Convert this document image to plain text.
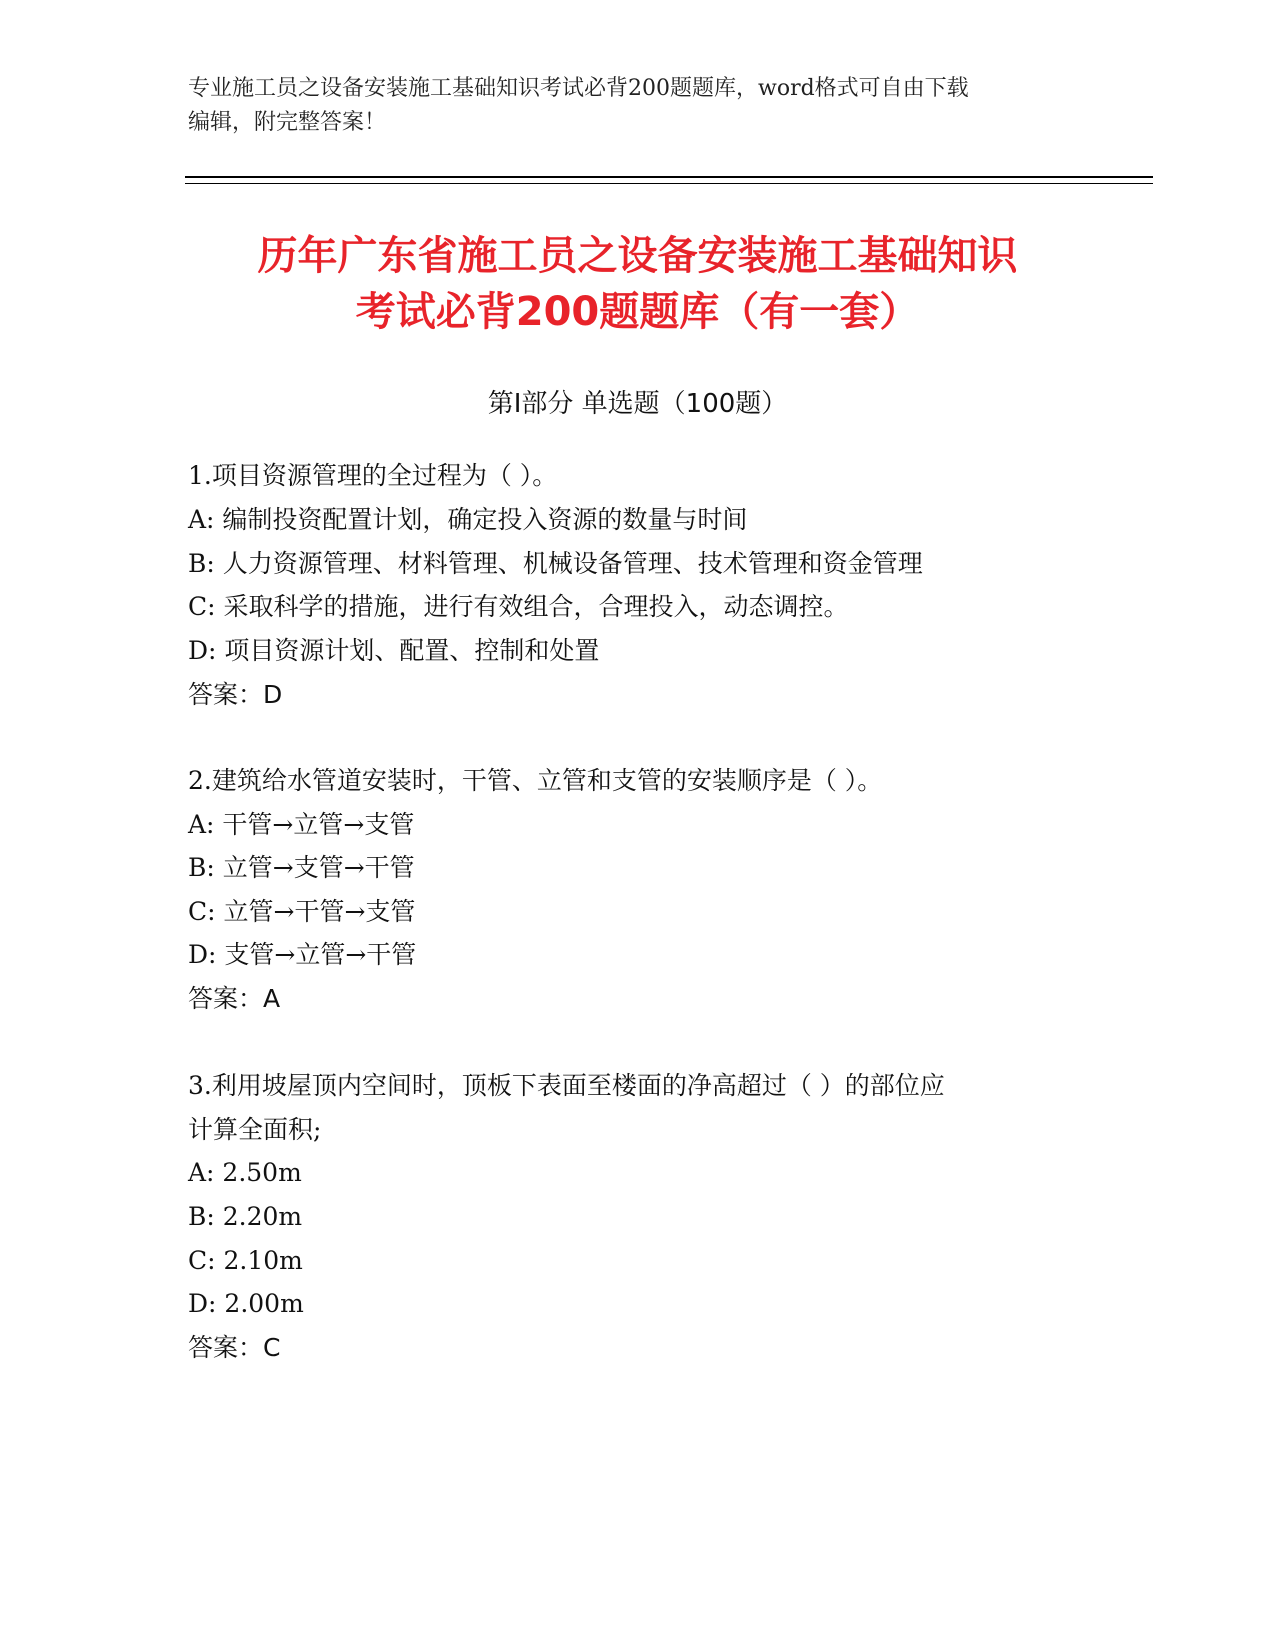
专业施工员之设备安装施工基础知识考试必背200题题库，word格式可自由下载
编辑，附完整答案！
历年广东省施工员之设备安装施工基础知识
考试必背200题题库（有一套）
第Ⅰ部分 单选题（100题）
1.项目资源管理的全过程为（ ）。
A: 编制投资配置计划，确定投入资源的数量与时间
B: 人力资源管理、材料管理、机械设备管理、技术管理和资金管理
C: 采取科学的措施，进行有效组合，合理投入，动态调控。
D: 项目资源计划、配置、控制和处置
答案：D
2.建筑给水管道安装时，干管、立管和支管的安装顺序是（ ）。
A: 干管→立管→支管
B: 立管→支管→干管
C: 立管→干管→支管
D: 支管→立管→干管
答案：A
3.利用坡屋顶内空间时，顶板下表面至楼面的净高超过（ ）的部位应
计算全面积;
A: 2.50m
B: 2.20m
C: 2.10m
D: 2.00m
答案：C
